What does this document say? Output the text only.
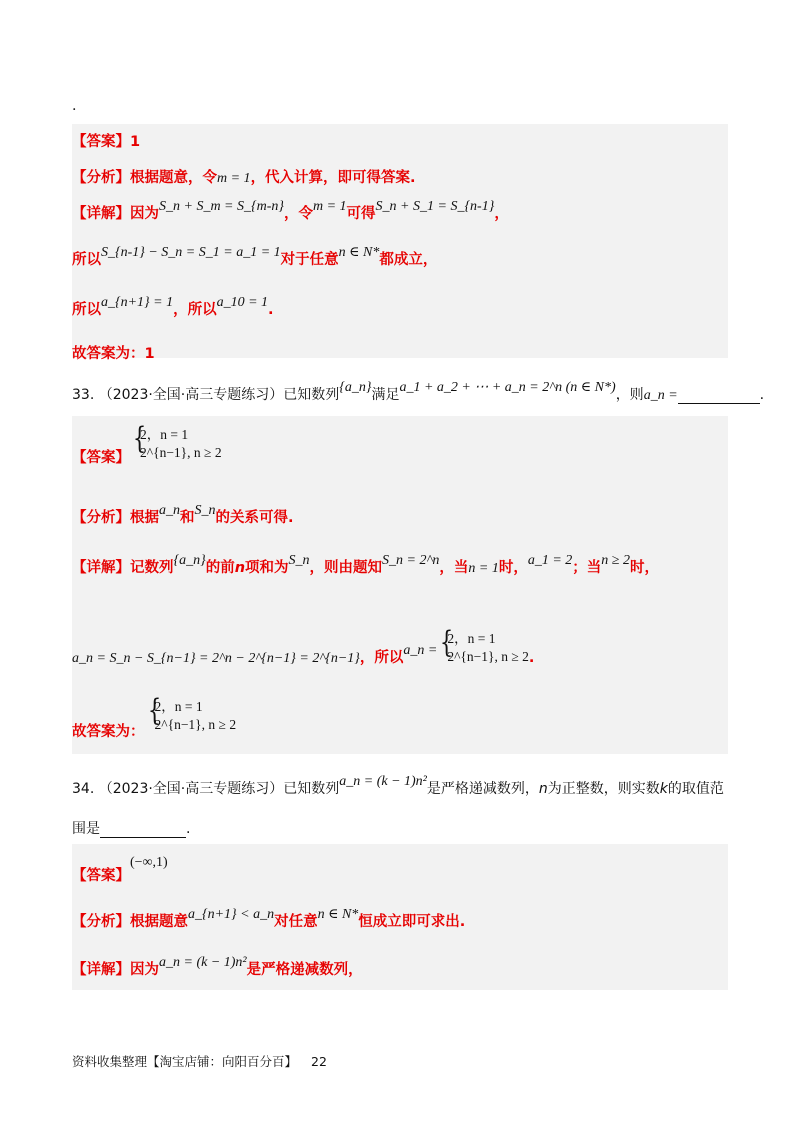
.
【答案】1
【分析】根据题意，令m = 1，代入计算，即可得答案.
【详解】因为S_n + S_m = S_{m-n}，令m = 1可得S_n + S_1 = S_{n-1}，
所以S_{n-1} − S_n = S_1 = a_1 = 1对于任意n ∈ N*都成立，
所以a_{n+1} = 1，所以a_10 = 1.
故答案为：1
33. （2023·全国·高三专题练习）已知数列{a_n}满足a_1 + a_2 + ⋯ + a_n = 2^n (n ∈ N*)，则a_n =	.
【答案】
{
2，n = 1
2^{n−1}, n ≥ 2
【分析】根据a_n和S_n的关系可得.
【详解】记数列{a_n}的前n项和为S_n，则由题知S_n = 2^n，当n = 1时，a_1 = 2；当n ≥ 2时，
a_n = S_n − S_{n−1} = 2^n − 2^{n−1} = 2^{n−1}，所以a_n = {
2，n = 1
2^{n−1}, n ≥ 2 .
故答案为：
{
2，n = 1
2^{n−1}, n ≥ 2
34. （2023·全国·高三专题练习）已知数列a_n = (k − 1)n²是严格递减数列，n为正整数，则实数k的取值范
围是	.
【答案】(−∞,1)
【分析】根据题意a_{n+1} < a_n对任意n ∈ N*恒成立即可求出.
【详解】因为a_n = (k − 1)n²是严格递减数列，
资料收集整理【淘宝店铺：向阳百分百】 22
